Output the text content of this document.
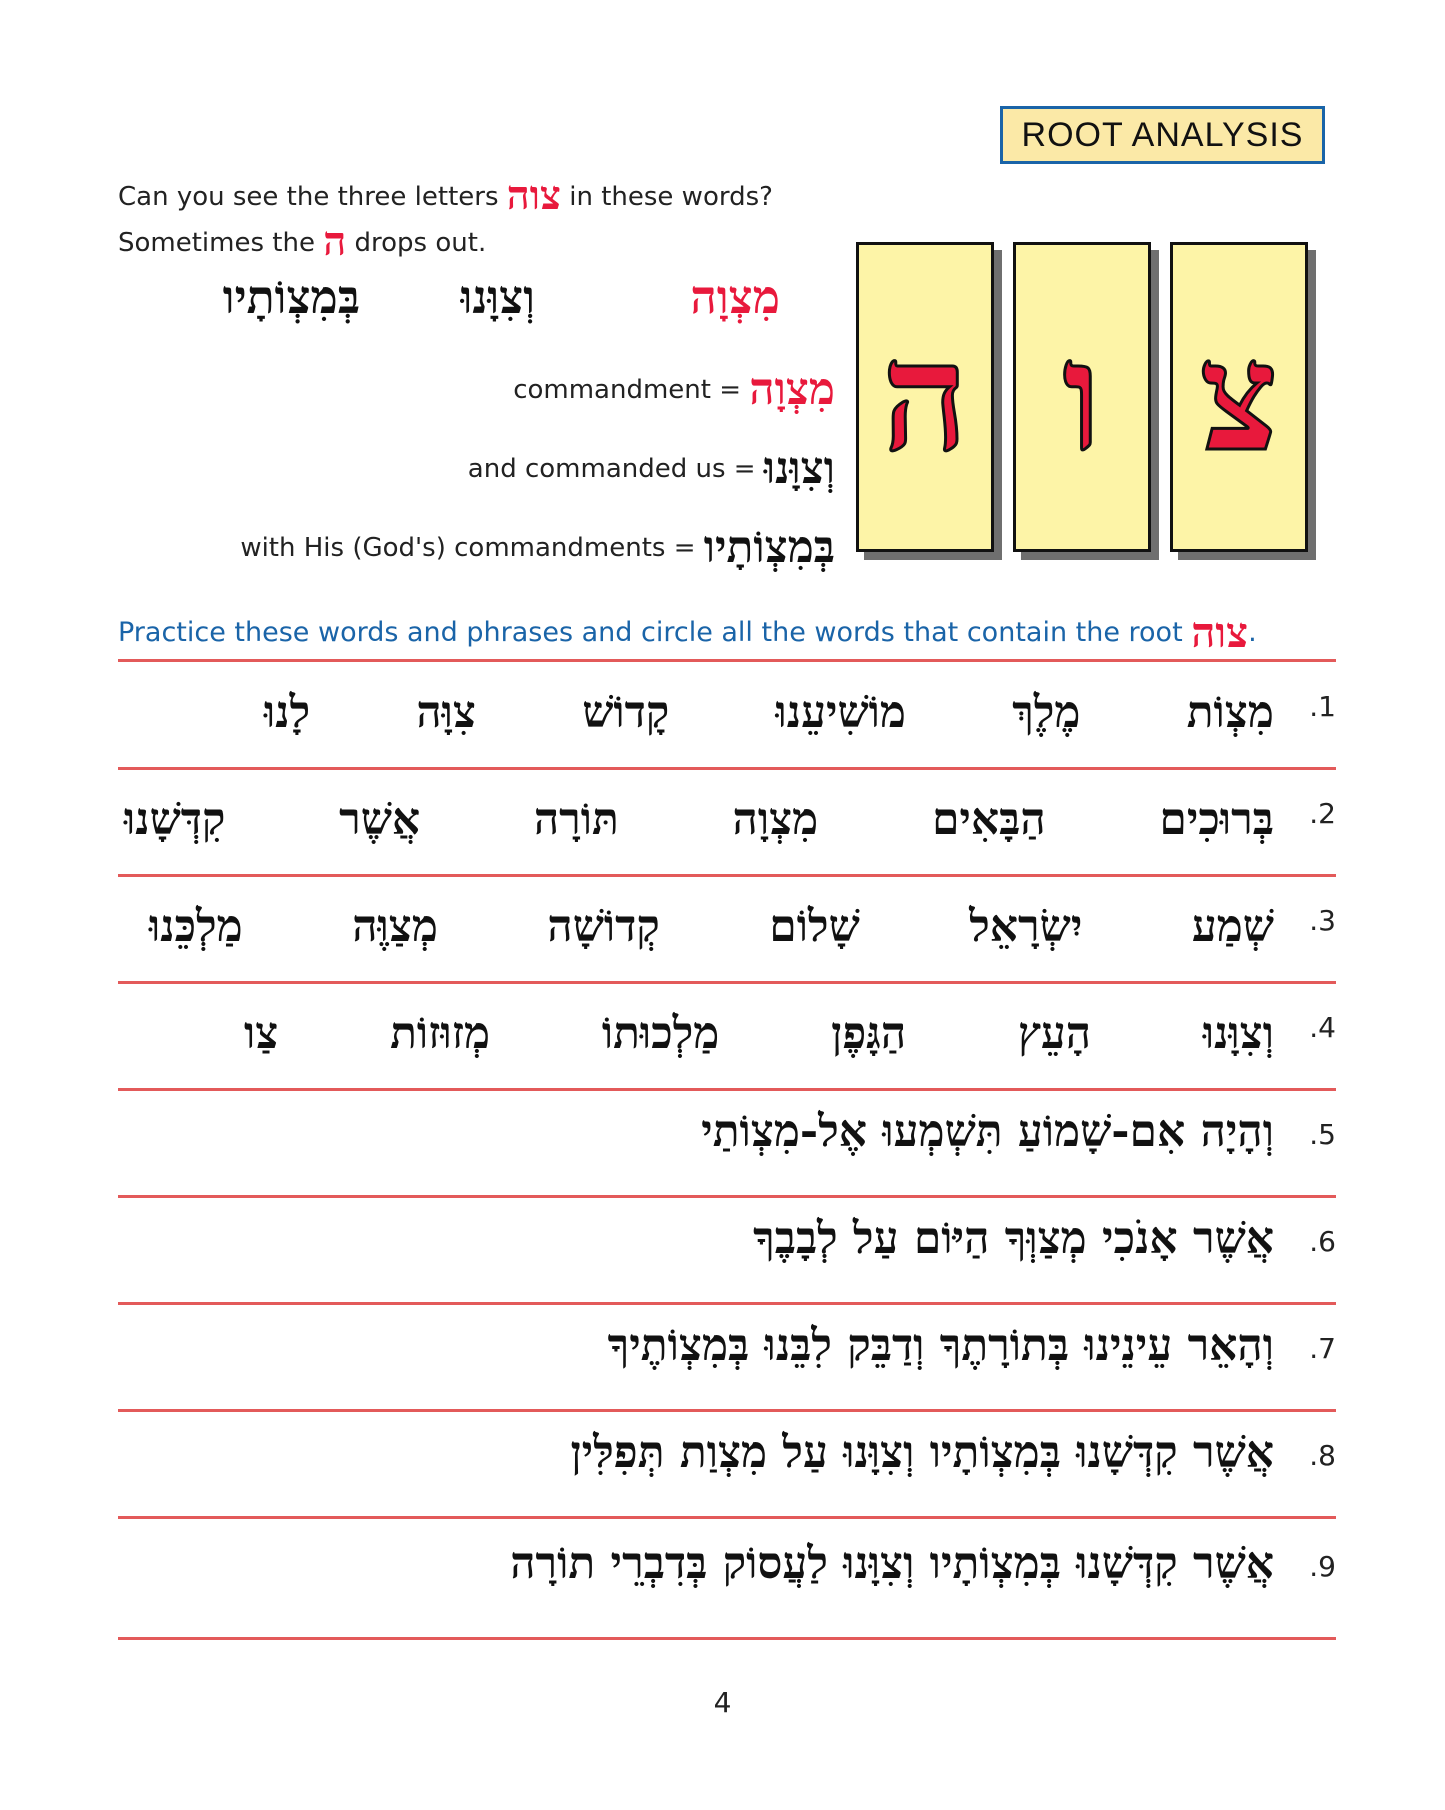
ROOT ANALYSIS
Can you see the three letters צוה in these words?
Sometimes the ה drops out.
מִצְוָה
וְצִוָּנוּ
בְּמִצְוֹתָיו
commandment = מִצְוָה
and commanded us = וְצִוָּנוּ
with His (God's) commandments = בְּמִצְוֹתָיו
ה ו צ
Practice these words and phrases and circle all the words that contain the root צוה.
.1
מִצְוֹת
מֶלֶךְ
מוֹשִׁיעֵנוּ
קָדוֹשׁ
צִוָּה
לָנוּ
.2
בְּרוּכִים
הַבָּאִים
מִצְוָה
תּוֹרָה
אֲשֶׁר
קִדְּשָׁנוּ
.3
שְׁמַע
יִשְׂרָאֵל
שָׁלוֹם
קְדוֹשָׁה
מְצַוֶּה
מַלְכֵּנוּ
.4
וְצִוָּנוּ
הָעֵץ
הַגָּפֶן
מַלְכוּתוֹ
מְזוּזוֹת
צַו
.5
וְהָיָה אִם-שָׁמוֹעַ תִּשְׁמְעוּ אֶל-מִצְוֹתַי
.6
אֲשֶׁר אָנֹכִי מְצַוְּךָ הַיּוֹם עַל לְבָבֶךָ
.7
וְהָאֵר עֵינֵינוּ בְּתוֹרָתֶךָ וְדַבֵּק לִבֵּנוּ בְּמִצְוֹתֶיךָ
.8
אֲשֶׁר קִדְּשָׁנוּ בְּמִצְוֹתָיו וְצִוָּנוּ עַל מִצְוַת תְּפִלִּין
.9
אֲשֶׁר קִדְּשָׁנוּ בְּמִצְוֹתָיו וְצִוָּנוּ לַעֲסוֹק בְּדִבְרֵי תוֹרָה
4
